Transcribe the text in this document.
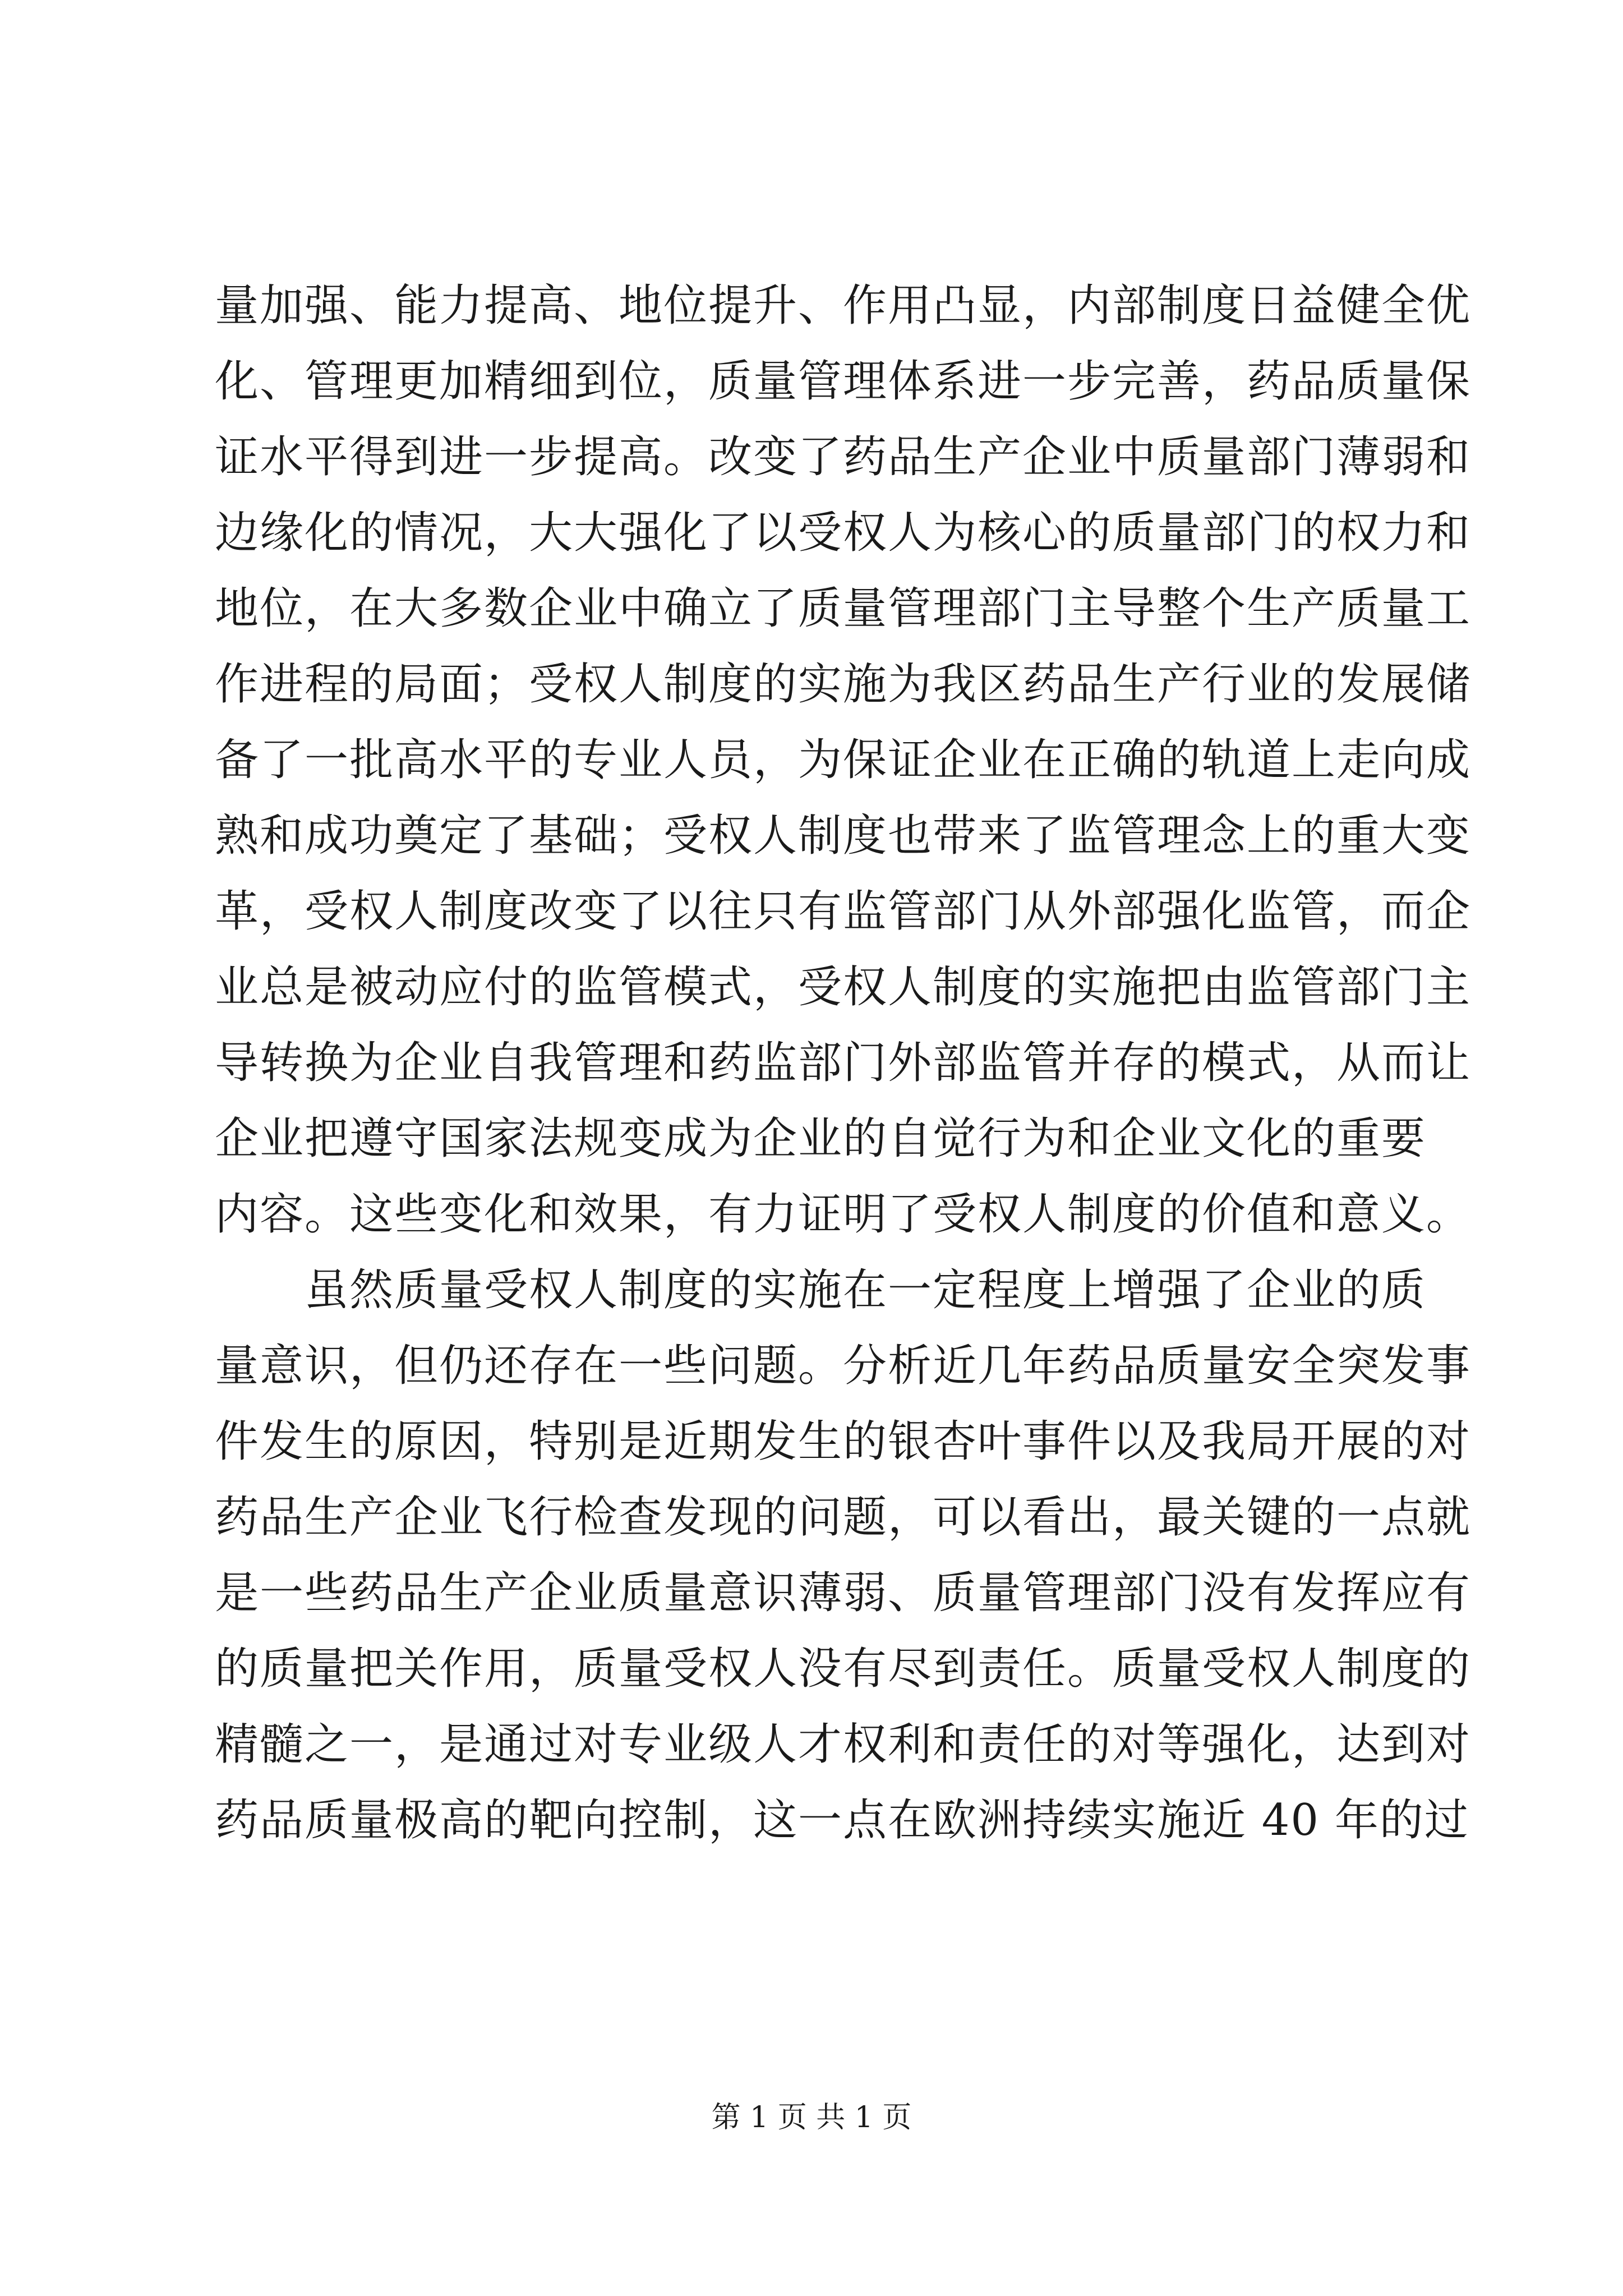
量加强、能力提高、地位提升、作用凸显，内部制度日益健全优
化、管理更加精细到位，质量管理体系进一步完善，药品质量保
证水平得到进一步提高。改变了药品生产企业中质量部门薄弱和
边缘化的情况，大大强化了以受权人为核心的质量部门的权力和
地位，在大多数企业中确立了质量管理部门主导整个生产质量工
作进程的局面；受权人制度的实施为我区药品生产行业的发展储
备了一批高水平的专业人员，为保证企业在正确的轨道上走向成
熟和成功奠定了基础；受权人制度也带来了监管理念上的重大变
革，受权人制度改变了以往只有监管部门从外部强化监管，而企
业总是被动应付的监管模式，受权人制度的实施把由监管部门主
导转换为企业自我管理和药监部门外部监管并存的模式，从而让
企业把遵守国家法规变成为企业的自觉行为和企业文化的重要
内容。这些变化和效果，有力证明了受权人制度的价值和意义。
虽然质量受权人制度的实施在一定程度上增强了企业的质
量意识，但仍还存在一些问题。分析近几年药品质量安全突发事
件发生的原因，特别是近期发生的银杏叶事件以及我局开展的对
药品生产企业飞行检查发现的问题，可以看出，最关键的一点就
是一些药品生产企业质量意识薄弱、质量管理部门没有发挥应有
的质量把关作用，质量受权人没有尽到责任。质量受权人制度的
精髓之一，是通过对专业级人才权利和责任的对等强化，达到对
药品质量极高的靶向控制，这一点在欧洲持续实施近 40 年的过
第 1 页 共 1 页
